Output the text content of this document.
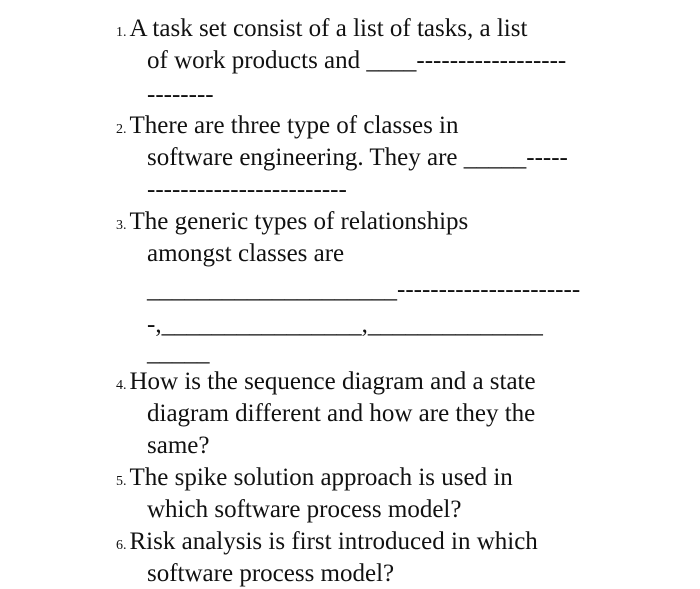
1. A task set consist of a list of tasks, a list
of work products and ____------------------
--------
2. There are three type of classes in
software engineering. They are _____-----
------------------------
3. The generic types of relationships
amongst classes are
____________________----------------------
-,________________,______________
_____
4. How is the sequence diagram and a state
diagram different and how are they the
same?
5. The spike solution approach is used in
which software process model?
6. Risk analysis is first introduced in which
software process model?
